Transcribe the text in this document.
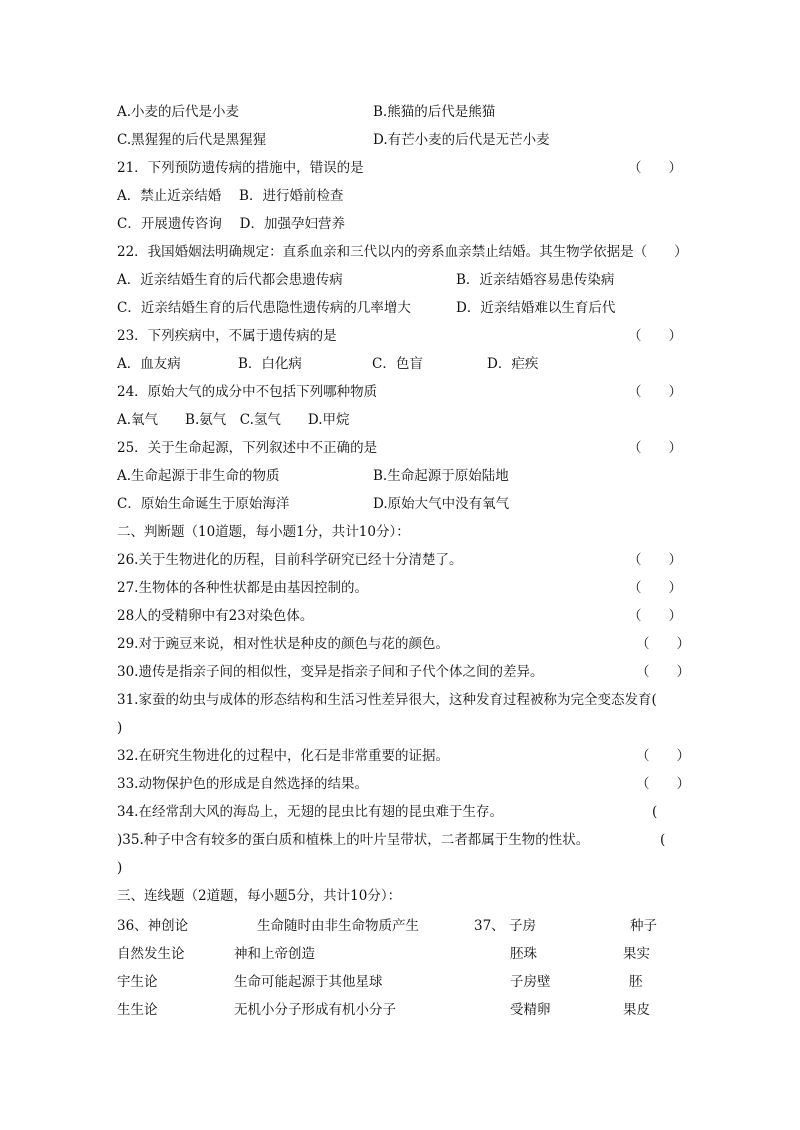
A.小麦的后代是小麦	B.熊猫的后代是熊猫
C.黑猩猩的后代是黑猩猩	D.有芒小麦的后代是无芒小麦
21．下列预防遗传病的措施中，错误的是	（　　）
A．禁止近亲结婚　 B．进行婚前检查
C．开展遗传咨询　 D．加强孕妇营养
22．我国婚姻法明确规定：直系血亲和三代以内的旁系血亲禁止结婚。其生物学依据是（　　）
A．近亲结婚生育的后代都会患遗传病	B．近亲结婚容易患传染病
C．近亲结婚生育的后代患隐性遗传病的几率增大	D．近亲结婚难以生育后代
23．下列疾病中，不属于遗传病的是	（　　）
A．血友病	B．白化病	C．色盲	D．疟疾
24．原始大气的成分中不包括下列哪种物质	（　　）
A.氧气　　B.氨气　C.氢气　　D.甲烷
25．关于生命起源，下列叙述中不正确的是	（　　）
A.生命起源于非生命的物质	B.生命起源于原始陆地
C．原始生命诞生于原始海洋	D.原始大气中没有氧气
二、判断题（10道题，每小题1分，共计10分）：
26.关于生物进化的历程，目前科学研究已经十分清楚了。	（　　）
27.生物体的各种性状都是由基因控制的。	（　　）
28人的受精卵中有23对染色体。	（　　）
29.对于豌豆来说，相对性状是种皮的颜色与花的颜色。	（　　）
30.遗传是指亲子间的相似性，变异是指亲子间和子代个体之间的差异。	（　　）
31.家蚕的幼虫与成体的形态结构和生活习性差异很大，这种发育过程被称为完全变态发育(
)
32.在研究生物进化的过程中，化石是非常重要的证据。	（　　）
33.动物保护色的形成是自然选择的结果。	（　　）
34.在经常刮大风的海岛上，无翅的昆虫比有翅的昆虫难于生存。	(
)35.种子中含有较多的蛋白质和植株上的叶片呈带状，二者都属于生物的性状。	(
)
三、连线题（2道题，每小题5分，共计10分）：
36、神创论	生命随时由非生命物质产生	37、 子房	种子
自然发生论	神和上帝创造	胚珠	果实
宇生论	生命可能起源于其他星球	子房壁	胚
生生论	无机小分子形成有机小分子	受精卵	果皮
